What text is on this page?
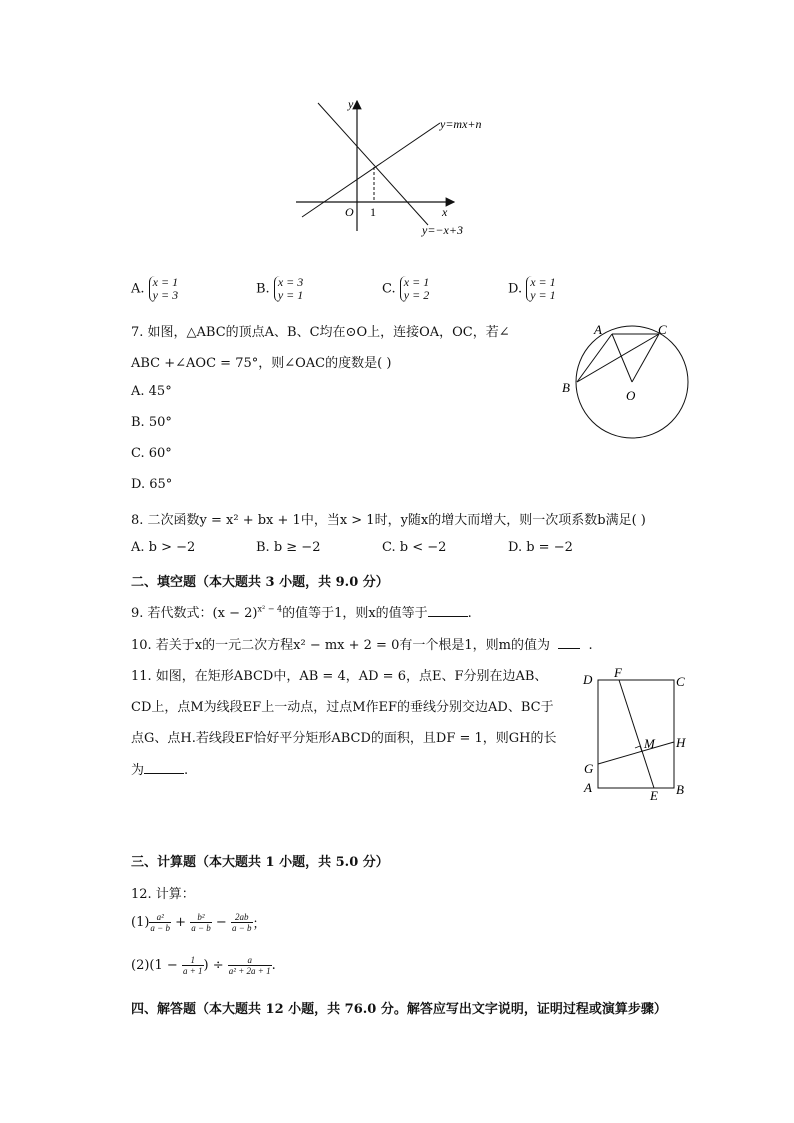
y
x
O 1
y=mx+n
y=−x+3
A. x = 1
y = 3	B. x = 3
y = 1	C. x = 1
y = 2	D. x = 1
y = 1
7. 如图，△ABC的顶点A、B、C均在⊙O上，连接OA，OC，若∠
ABC +∠AOC = 75°，则∠OAC的度数是( )
A. 45°
B. 50°
C. 60°
D. 65°
A	C
B
O
8. 二次函数y = x² + bx + 1中，当x > 1时，y随x的增大而增大，则一次项系数b满足( )
A. b > −2	B. b ≥ −2	C. b < −2	D. b = −2
二、填空题（本大题共 3 小题，共 9.0 分）
9. 若代数式：$(x - 2)^{x^2 - 4}$的值等于1，则x的值等于	.
10. 若关于x的一元二次方程x² − mx + 2 = 0有一个根是1，则m的值为	.
11. 如图，在矩形ABCD中，AB = 4，AD = 6，点E、F分别在边AB、
CD上，点M为线段EF上一动点，过点M作EF的垂线分别交边AD、BC于
点G、点H.若线段EF恰好平分矩形ABCD的面积，且DF = 1，则GH的长
为	.
D F
C
M H
G
A
E B
三、计算题（本大题共 1 小题，共 5.0 分）
12. 计算：
$(1) \frac{\text{a²}}{a - b} + \frac{\text{b²}}{a - b} - \frac{2ab}{a - b}$ ；
$(2)(1 - \frac{1}{a + 1}$ ) ÷ $\frac{a}{\text{a² + 2a + 1}}$ .
四、解答题（本大题共 12 小题，共 76.0 分。解答应写出文字说明，证明过程或演算步骤）
